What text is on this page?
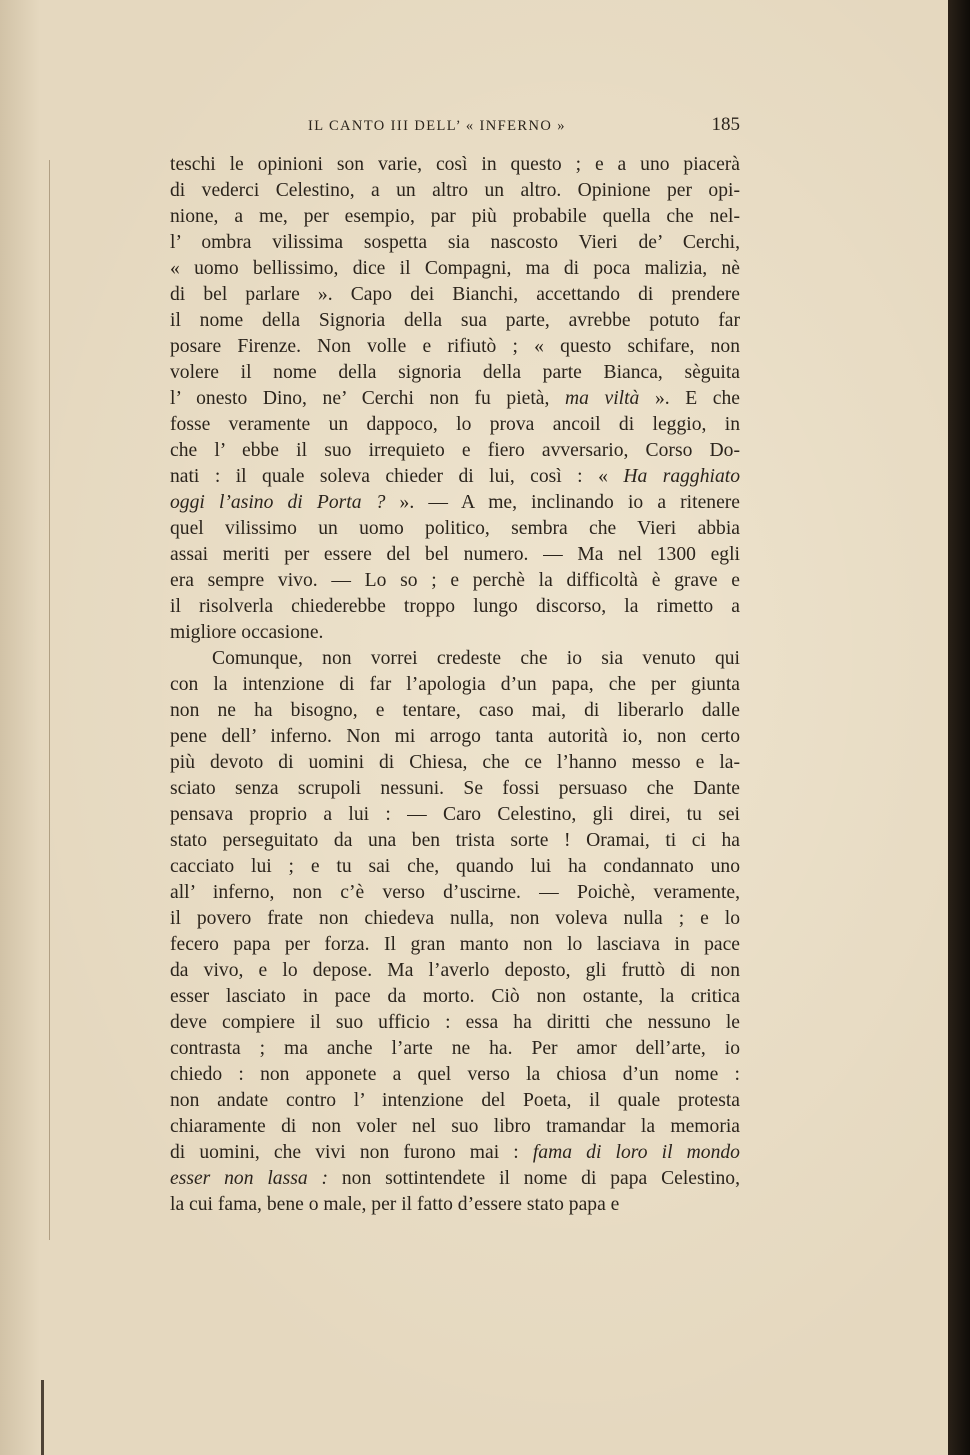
IL CANTO III DELL’ « INFERNO »	185
teschi le opinioni son varie, così in questo ; e a uno piacerà
di vederci Celestino, a un altro un altro. Opinione per opi-
nione, a me, per esempio, par più probabile quella che nel-
l’ ombra vilissima sospetta sia nascosto Vieri de’ Cerchi,
« uomo bellissimo, dice il Compagni, ma di poca malizia, nè
di bel parlare ». Capo dei Bianchi, accettando di prendere
il nome della Signoria della sua parte, avrebbe potuto far
posare Firenze. Non volle e rifiutò ; « questo schifare, non
volere il nome della signoria della parte Bianca, sèguita
l’ onesto Dino, ne’ Cerchi non fu pietà, ma viltà ». E che
fosse veramente un dappoco, lo prova ancoil di leggio, in
che l’ ebbe il suo irrequieto e fiero avversario, Corso Do-
nati : il quale soleva chieder di lui, così : « Ha ragghiato
oggi l’asino di Porta ? ». — A me, inclinando io a ritenere
quel vilissimo un uomo politico, sembra che Vieri abbia
assai meriti per essere del bel numero. — Ma nel 1300 egli
era sempre vivo. — Lo so ; e perchè la difficoltà è grave e
il risolverla chiederebbe troppo lungo discorso, la rimetto a
migliore occasione.
Comunque, non vorrei credeste che io sia venuto qui
con la intenzione di far l’apologia d’un papa, che per giunta
non ne ha bisogno, e tentare, caso mai, di liberarlo dalle
pene dell’ inferno. Non mi arrogo tanta autorità io, non certo
più devoto di uomini di Chiesa, che ce l’hanno messo e la-
sciato senza scrupoli nessuni. Se fossi persuaso che Dante
pensava proprio a lui : — Caro Celestino, gli direi, tu sei
stato perseguitato da una ben trista sorte ! Oramai, ti ci ha
cacciato lui ; e tu sai che, quando lui ha condannato uno
all’ inferno, non c’è verso d’uscirne. — Poichè, veramente,
il povero frate non chiedeva nulla, non voleva nulla ; e lo
fecero papa per forza. Il gran manto non lo lasciava in pace
da vivo, e lo depose. Ma l’averlo deposto, gli fruttò di non
esser lasciato in pace da morto. Ciò non ostante, la critica
deve compiere il suo ufficio : essa ha diritti che nessuno le
contrasta ; ma anche l’arte ne ha. Per amor dell’arte, io
chiedo : non apponete a quel verso la chiosa d’un nome :
non andate contro l’ intenzione del Poeta, il quale protesta
chiaramente di non voler nel suo libro tramandar la memoria
di uomini, che vivi non furono mai : fama di loro il mondo
esser non lassa : non sottintendete il nome di papa Celestino,
la cui fama, bene o male, per il fatto d’essere stato papa e
